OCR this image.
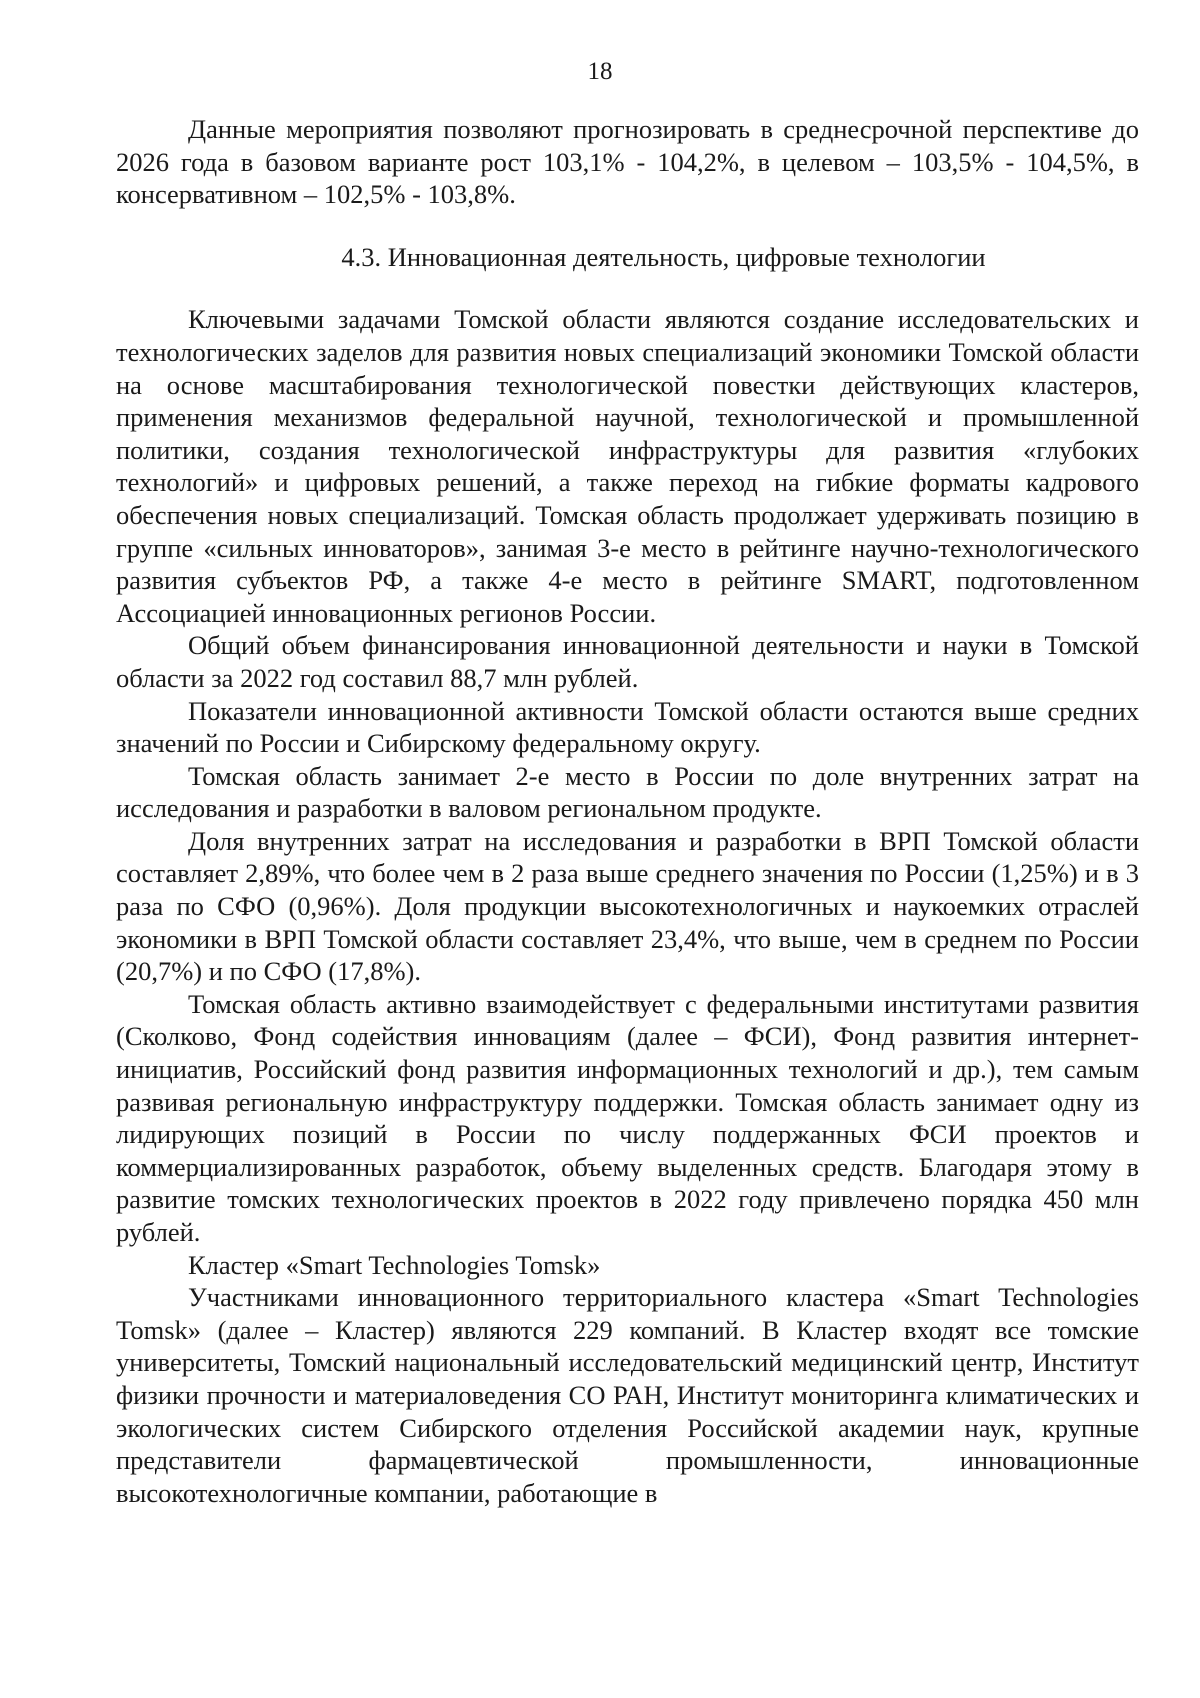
18

Данные мероприятия позволяют прогнозировать в среднесрочной перспективе до 2026 года в базовом варианте рост 103,1% - 104,2%, в целевом – 103,5% - 104,5%, в консервативном – 102,5% - 103,8%.

4.3. Инновационная деятельность, цифровые технологии

Ключевыми задачами Томской области являются создание исследовательских и технологических заделов для развития новых специализаций экономики Томской области на основе масштабирования технологической повестки действующих кластеров, применения механизмов федеральной научной, технологической и промышленной политики, создания технологической инфраструктуры для развития «глубоких технологий» и цифровых решений, а также переход на гибкие форматы кадрового обеспечения новых специализаций. Томская область продолжает удерживать позицию в группе «сильных инноваторов», занимая 3-е место в рейтинге научно-технологического развития субъектов РФ, а также 4-е место в рейтинге SMART, подготовленном Ассоциацией инновационных регионов России.

Общий объем финансирования инновационной деятельности и науки в Томской области за 2022 год составил 88,7 млн рублей.

Показатели инновационной активности Томской области остаются выше средних значений по России и Сибирскому федеральному округу.

Томская область занимает 2-е место в России по доле внутренних затрат на исследования и разработки в валовом региональном продукте.

Доля внутренних затрат на исследования и разработки в ВРП Томской области составляет 2,89%, что более чем в 2 раза выше среднего значения по России (1,25%) и в 3 раза по СФО (0,96%). Доля продукции высокотехнологичных и наукоемких отраслей экономики в ВРП Томской области составляет 23,4%, что выше, чем в среднем по России (20,7%) и по СФО (17,8%).

Томская область активно взаимодействует с федеральными институтами развития (Сколково, Фонд содействия инновациям (далее – ФСИ), Фонд развития интернет-инициатив, Российский фонд развития информационных технологий и др.), тем самым развивая региональную инфраструктуру поддержки. Томская область занимает одну из лидирующих позиций в России по числу поддержанных ФСИ проектов и коммерциализированных разработок, объему выделенных средств. Благодаря этому в развитие томских технологических проектов в 2022 году привлечено порядка 450 млн рублей.

Кластер «Smart Technologies Tomsk»

Участниками инновационного территориального кластера «Smart Technologies Tomsk» (далее – Кластер) являются 229 компаний. В Кластер входят все томские университеты, Томский национальный исследовательский медицинский центр, Институт физики прочности и материаловедения СО РАН, Институт мониторинга климатических и экологических систем Сибирского отделения Российской академии наук, крупные представители фармацевтической промышленности, инновационные высокотехнологичные компании, работающие в
